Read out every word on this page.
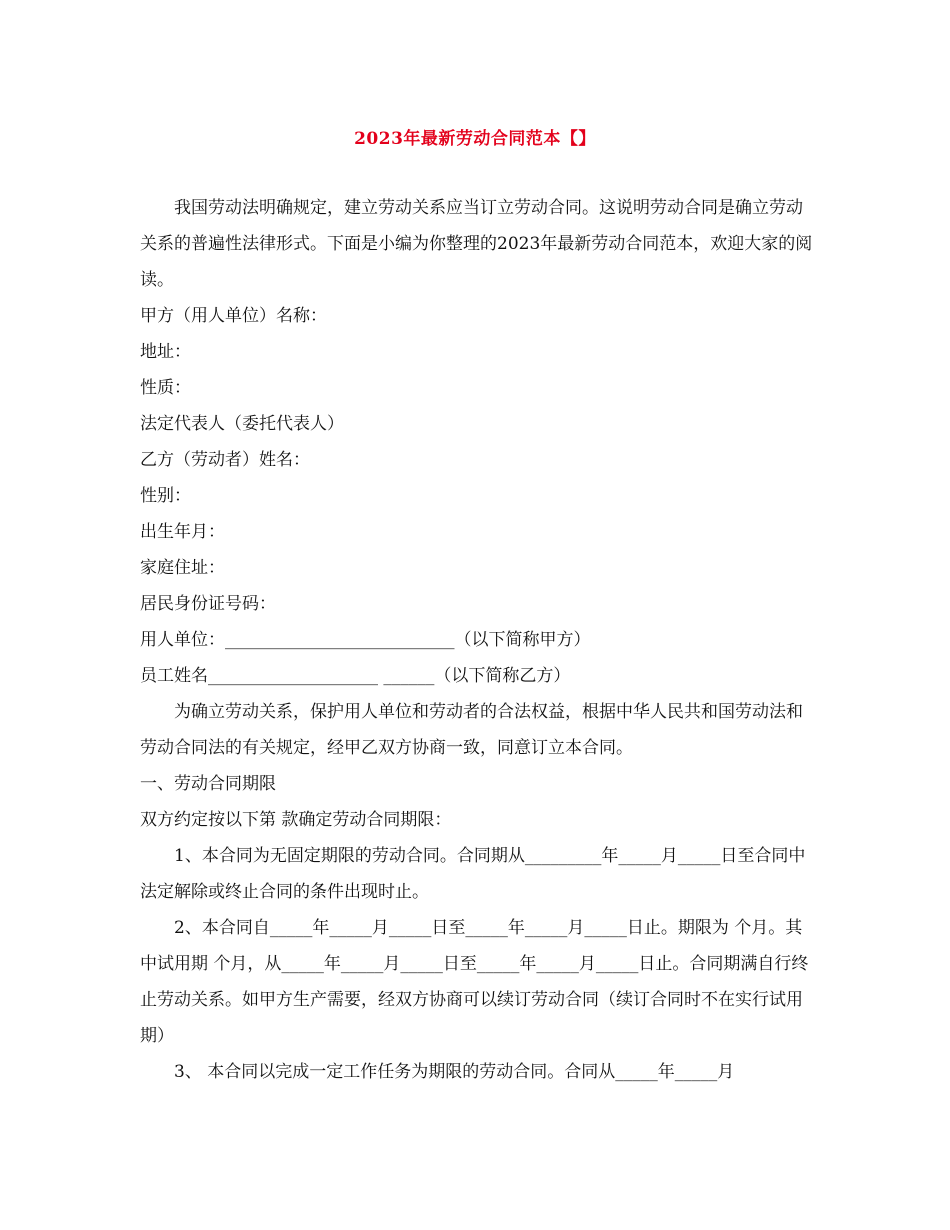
2023年最新劳动合同范本【】

我国劳动法明确规定，建立劳动关系应当订立劳动合同。这说明劳动合同是确立劳动关系的普遍性法律形式。下面是小编为你整理的2023年最新劳动合同范本，欢迎大家的阅读。

甲方（用人单位）名称：

地址：

性质：

法定代表人（委托代表人）

乙方（劳动者）姓名：

性别：

出生年月：

家庭住址：

居民身份证号码：

用人单位：___________________________（以下简称甲方）

员工姓名____________________ ______（以下简称乙方）

为确立劳动关系，保护用人单位和劳动者的合法权益，根据中华人民共和国劳动法和劳动合同法的有关规定，经甲乙双方协商一致，同意订立本合同。

一、劳动合同期限

双方约定按以下第 款确定劳动合同期限：

1、本合同为无固定期限的劳动合同。合同期从_________年_____月_____日至合同中法定解除或终止合同的条件出现时止。

2、本合同自_____年_____月_____日至_____年_____月_____日止。期限为 个月。其中试用期 个月，从_____年_____月_____日至_____年_____月_____日止。合同期满自行终止劳动关系。如甲方生产需要，经双方协商可以续订劳动合同（续订合同时不在实行试用期）

3、 本合同以完成一定工作任务为期限的劳动合同。合同从_____年_____月
